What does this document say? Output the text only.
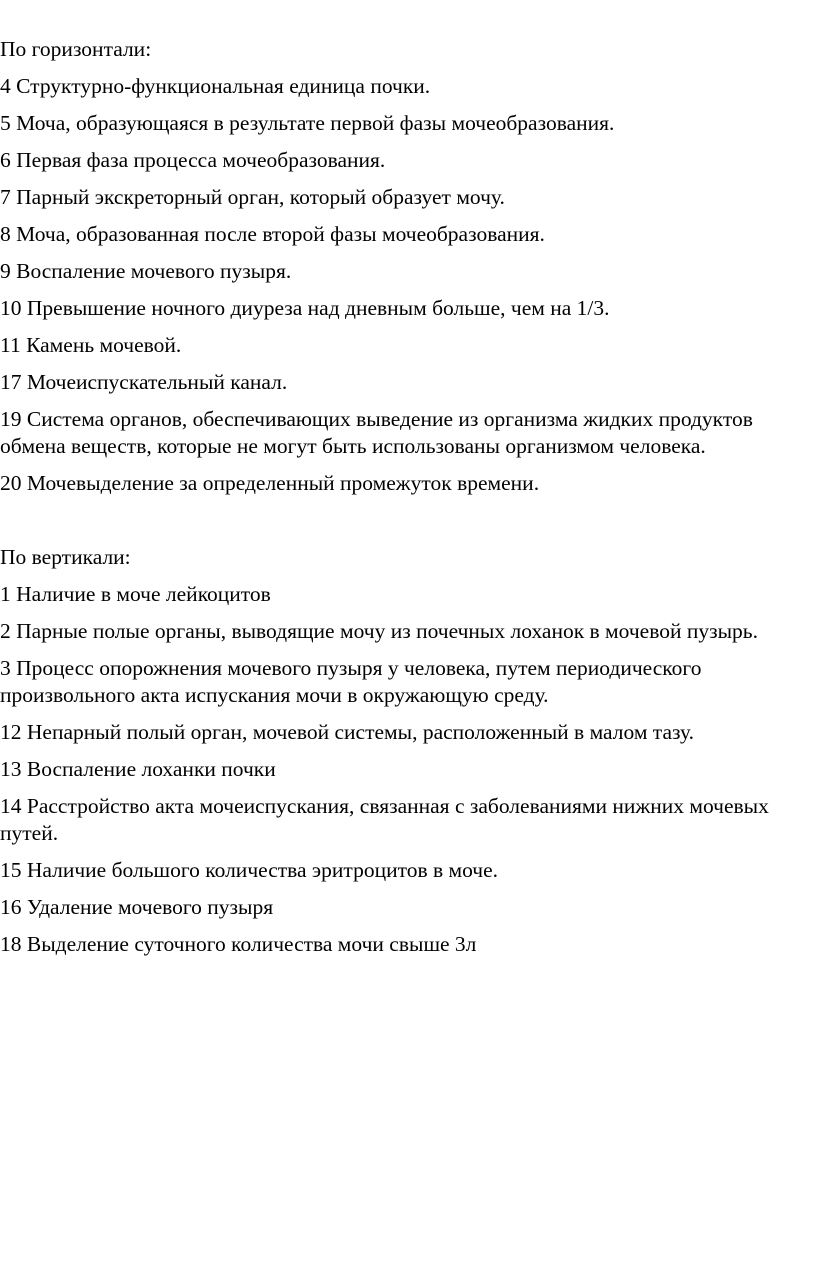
По горизонтали:

4 Структурно-функциональная единица почки.

5 Моча, образующаяся в результате первой фазы мочеобразования.

6 Первая фаза процесса мочеобразования.

7 Парный экскреторный орган, который образует мочу.

8 Моча, образованная после второй фазы мочеобразования.

9 Воспаление мочевого пузыря.

10 Превышение ночного диуреза над дневным больше, чем на 1/3.

11 Камень мочевой.

17 Мочеиспускательный канал.

19 Система органов, обеспечивающих выведение из организма жидких продуктов обмена веществ, которые не могут быть использованы организмом человека.

20 Мочевыделение за определенный промежуток времени.

По вертикали:

1 Наличие в моче лейкоцитов

2 Парные полые органы, выводящие мочу из почечных лоханок в мочевой пузырь.

3 Процесс опорожнения мочевого пузыря у человека, путем периодического произвольного акта испускания мочи в окружающую среду.

12 Непарный полый орган, мочевой системы, расположенный в малом тазу.

13 Воспаление лоханки почки

14 Расстройство акта мочеиспускания, связанная с заболеваниями нижних мочевых путей.

15 Наличие большого количества эритроцитов в моче.

16 Удаление мочевого пузыря

18 Выделение суточного количества мочи свыше 3л
